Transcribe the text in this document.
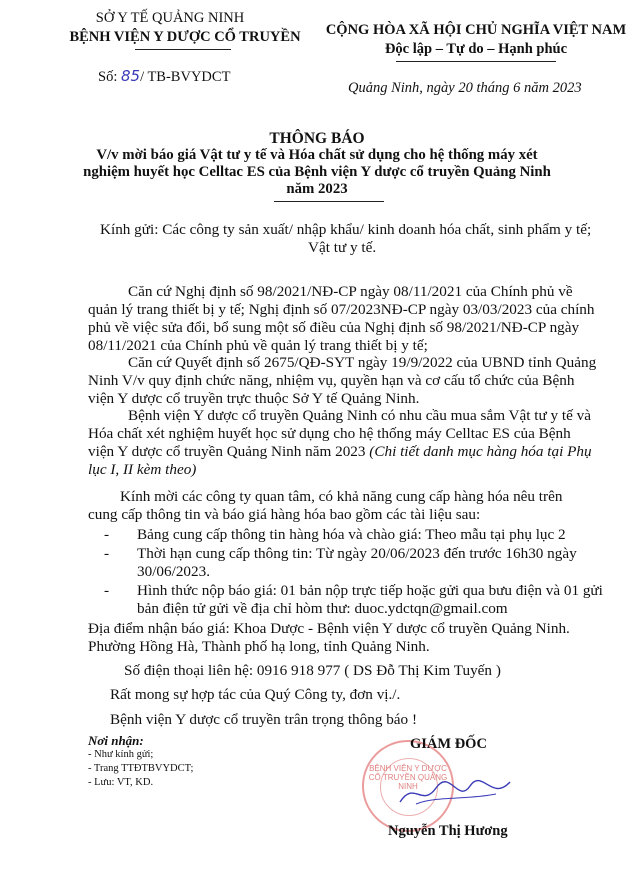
SỞ Y TẾ QUẢNG NINH
BỆNH VIỆN Y DƯỢC CỔ TRUYỀN
Số: 85/ TB-BVYDCT
CỘNG HÒA XÃ HỘI CHỦ NGHĨA VIỆT NAM
Độc lập – Tự do – Hạnh phúc
Quảng Ninh, ngày 20 tháng 6 năm 2023
THÔNG BÁO
V/v mời báo giá Vật tư y tế và Hóa chất sử dụng cho hệ thống máy xét
nghiệm huyết học Celltac ES của Bệnh viện Y dược cổ truyền Quảng Ninh
năm 2023
Kính gửi: Các công ty sản xuất/ nhập khẩu/ kinh doanh hóa chất, sinh phẩm y tế;
Vật tư y tế.
Căn cứ Nghị định số 98/2021/NĐ-CP ngày 08/11/2021 của Chính phủ về
quản lý trang thiết bị y tế; Nghị định số 07/2023NĐ-CP ngày 03/03/2023 của chính
phủ về việc sửa đổi, bổ sung một số điều của Nghị định số 98/2021/NĐ-CP ngày
08/11/2021 của Chính phủ về quản lý trang thiết bị y tế;
Căn cứ Quyết định số 2675/QĐ-SYT ngày 19/9/2022 của UBND tỉnh Quảng
Ninh V/v quy định chức năng, nhiệm vụ, quyền hạn và cơ cấu tổ chức của Bệnh
viện Y dược cổ truyền trực thuộc Sở Y tế Quảng Ninh.
Bệnh viện Y dược cổ truyền Quảng Ninh có nhu cầu mua sắm Vật tư y tế và
Hóa chất xét nghiệm huyết học sử dụng cho hệ thống máy Celltac ES của Bệnh
viện Y dược cổ truyền Quảng Ninh năm 2023 (Chi tiết danh mục hàng hóa tại Phụ
lục I, II kèm theo)
Kính mời các công ty quan tâm, có khả năng cung cấp hàng hóa nêu trên
cung cấp thông tin và báo giá hàng hóa bao gồm các tài liệu sau:
- Bảng cung cấp thông tin hàng hóa và chào giá: Theo mẫu tại phụ lục 2
- Thời hạn cung cấp thông tin: Từ ngày 20/06/2023 đến trước 16h30 ngày
30/06/2023.
- Hình thức nộp báo giá: 01 bản nộp trực tiếp hoặc gửi qua bưu điện và 01 gửi
bản điện tử gửi về địa chỉ hòm thư: duoc.ydctqn@gmail.com
Địa điểm nhận báo giá: Khoa Dược - Bệnh viện Y dược cổ truyền Quảng Ninh.
Phường Hồng Hà, Thành phố hạ long, tỉnh Quảng Ninh.
Số điện thoại liên hệ: 0916 918 977 ( DS Đỗ Thị Kim Tuyến )
Rất mong sự hợp tác của Quý Công ty, đơn vị./.
Bệnh viện Y dược cổ truyền trân trọng thông báo !
Nơi nhận:
- Như kính gửi;
- Trang TTĐTBVYDCT;
- Lưu: VT, KD.
BỆNH VIỆN Y DƯỢC CỔ TRUYỀN QUẢNG NINH
GIÁM ĐỐC
Nguyễn Thị Hương
